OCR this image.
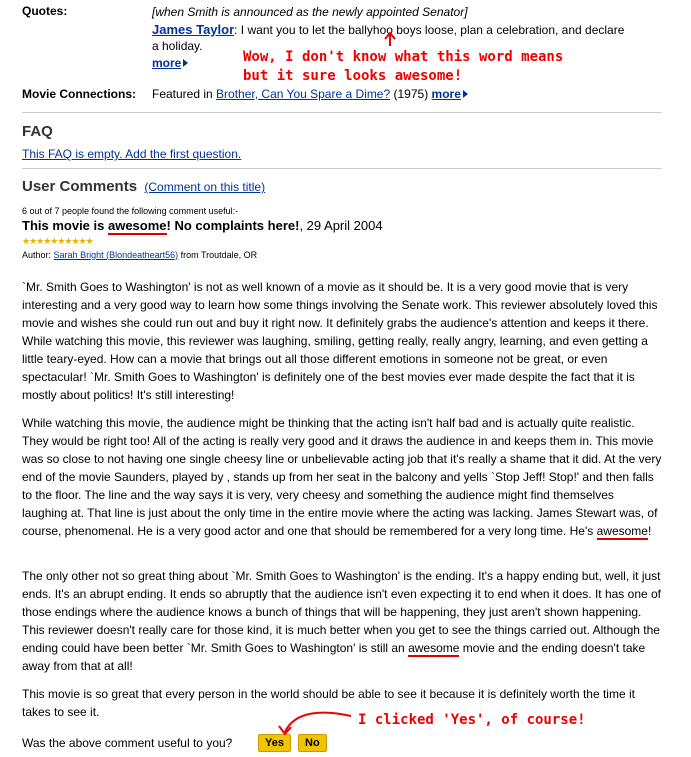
Quotes:	[when Smith is announced as the newly appointed Senator]
James Taylor: I want you to let the ballyhoo boys loose, plan a celebration, and declare
a holiday.
more	Wow, I don't know what this word means
but it sure looks awesome!
Movie Connections: Featured in Brother, Can You Spare a Dime? (1975) more
FAQ
This FAQ is empty. Add the first question.
User Comments (Comment on this title)
6 out of 7 people found the following comment useful:-
This movie is awesome! No complaints here!, 29 April 2004
★★★★★★★★★★
Author: Sarah Bright (Blondeatheart56) from Troutdale, OR
`Mr. Smith Goes to Washington' is not as well known of a movie as it should be. It is a very good movie that is very interesting and a very good way to learn how some things involving the Senate work. This reviewer absolutely loved this movie and wishes she could run out and buy it right now. It definitely grabs the audience's attention and keeps it there. While watching this movie, this reviewer was laughing, smiling, getting really, really angry, learning, and even getting a little teary-eyed. How can a movie that brings out all those different emotions in someone not be great, or even spectacular! `Mr. Smith Goes to Washington' is definitely one of the best movies ever made despite the fact that it is mostly about politics! It's still interesting!
While watching this movie, the audience might be thinking that the acting isn't half bad and is actually quite realistic. They would be right too! All of the acting is really very good and it draws the audience in and keeps them in. This movie was so close to not having one single cheesy line or unbelievable acting job that it's really a shame that it did. At the very end of the movie Saunders, played by , stands up from her seat in the balcony and yells `Stop Jeff! Stop!' and then falls to the floor. The line and the way says it is very, very cheesy and something the audience might find themselves laughing at. That line is just about the only time in the entire movie where the acting was lacking. James Stewart was, of course, phenomenal. He is a very good actor and one that should be remembered for a very long time. He's awesome!
The only other not so great thing about `Mr. Smith Goes to Washington' is the ending. It's a happy ending but, well, it just ends. It's an abrupt ending. It ends so abruptly that the audience isn't even expecting it to end when it does. It has one of those endings where the audience knows a bunch of things that will be happening, they just aren't shown happening. This reviewer doesn't really care for those kind, it is much better when you get to see the things carried out. Although the ending could have been better `Mr. Smith Goes to Washington' is still an awesome movie and the ending doesn't take away from that at all!
This movie is so great that every person in the world should be able to see it because it is definitely worth the time it takes to see it.
Was the above comment useful to you?	Yes	No
I clicked 'Yes', of course!
